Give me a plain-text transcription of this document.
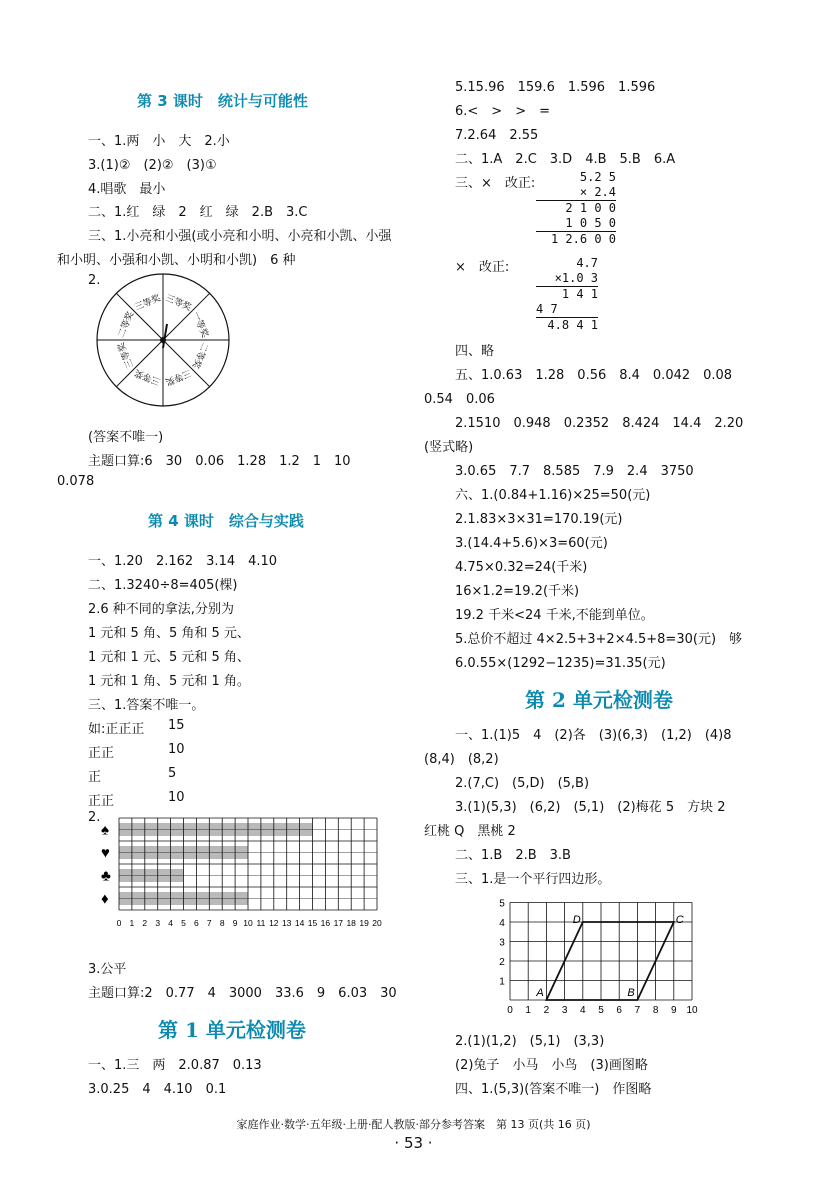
第 3 课时　统计与可能性
一、1.两　小　大　2.小
3.(1)②　(2)②　(3)①
4.唱歌　最小
二、1.红　绿　2　红　绿　2.B　3.C
三、1.小亮和小强(或小亮和小明、小亮和小凯、小强
和小明、小强和小凯、小明和小凯)　6 种
2.
三等奖
一等奖
二等奖
三等奖
三等奖
三等奖
二等奖
三等奖
(答案不唯一)
主题口算:6　30　0.06　1.28　1.2　1　10
0.078
第 4 课时　综合与实践
一、1.20　2.162　3.14　4.10
二、1.3240÷8=405(棵)
2.6 种不同的拿法,分别为
1 元和 5 角、5 角和 5 元、
1 元和 1 元、5 元和 5 角、
1 元和 1 角、5 元和 1 角。
三、1.答案不唯一。
如:正正正 15
正正	10
正	5
正正	10
2.
♠
♥
♣
♦
0 1 2 3 4 5 6 7 8 9 10 11 12 13 14 15 16 17 18 19 20
3.公平
主题口算:2　0.77　4　3000　33.6　9　6.03　30
第 1 单元检测卷
一、1.三　两　2.0.87　0.13
3.0.25　4　4.10　0.1
5.15.96　159.6　1.596　1.596
6.<　>　>　=
7.2.64　2.55
二、1.A　2.C　3.D　4.B　5.B　6.A
三、×　改正:	5.2 5
× 2.4
2 1 0 0
1 0 5 0
1 2.6 0 0
×　改正:	4.7
×1.0 3
1 4 1
4 7
4.8 4 1
四、略
五、1.0.63　1.28　0.56　8.4　0.042　0.08
0.54　0.06
2.1510　0.948　0.2352　8.424　14.4　2.20
(竖式略)
3.0.65　7.7　8.585　7.9　2.4　3750
六、1.(0.84+1.16)×25=50(元)
2.1.83×3×31=170.19(元)
3.(14.4+5.6)×3=60(元)
4.75×0.32=24(千米)
16×1.2=19.2(千米)
19.2 千米<24 千米,不能到单位。
5.总价不超过 4×2.5+3+2×4.5+8=30(元)　够
6.0.55×(1292−1235)=31.35(元)
第 2 单元检测卷
一、1.(1)5　4　(2)各　(3)(6,3)　(1,2)　(4)8
(8,4)　(8,2)
2.(7,C)　(5,D)　(5,B)
3.(1)(5,3)　(6,2)　(5,1)　(2)梅花 5　方块 2
红桃 Q　黑桃 2
二、1.B　2.B　3.B
三、1.是一个平行四边形。
0 1 2 3 4 5 6 7 8 9 10
1
2
3
4
5
A	B
C
D
2.(1)(1,2)　(5,1)　(3,3)
(2)兔子　小马　小鸟　(3)画图略
四、1.(5,3)(答案不唯一)　作图略
家庭作业·数学·五年级·上册·配人教版·部分参考答案　第 13 页(共 16 页)
· 53 ·
